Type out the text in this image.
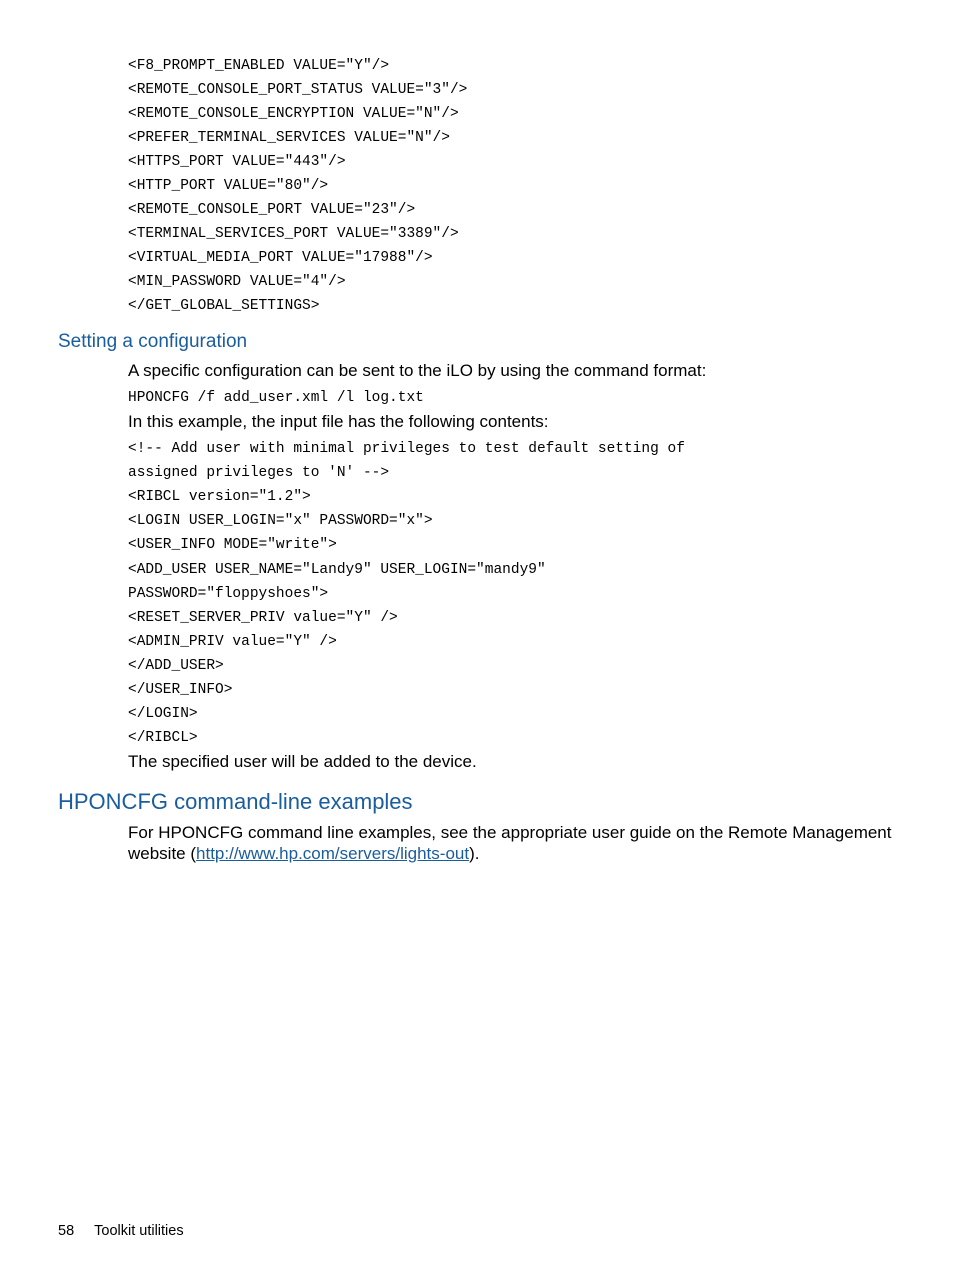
<F8_PROMPT_ENABLED VALUE="Y"/>
<REMOTE_CONSOLE_PORT_STATUS VALUE="3"/>
<REMOTE_CONSOLE_ENCRYPTION VALUE="N"/>
<PREFER_TERMINAL_SERVICES VALUE="N"/>
<HTTPS_PORT VALUE="443"/>
<HTTP_PORT VALUE="80"/>
<REMOTE_CONSOLE_PORT VALUE="23"/>
<TERMINAL_SERVICES_PORT VALUE="3389"/>
<VIRTUAL_MEDIA_PORT VALUE="17988"/>
<MIN_PASSWORD VALUE="4"/>
</GET_GLOBAL_SETTINGS>
Setting a configuration
A specific configuration can be sent to the iLO by using the command format:
HPONCFG /f add_user.xml /l log.txt
In this example, the input file has the following contents:
<!-- Add user with minimal privileges to test default setting of
assigned privileges to 'N' -->
<RIBCL version="1.2">
<LOGIN USER_LOGIN="x" PASSWORD="x">
<USER_INFO MODE="write">
<ADD_USER USER_NAME="Landy9" USER_LOGIN="mandy9"
PASSWORD="floppyshoes">
<RESET_SERVER_PRIV value="Y" />
<ADMIN_PRIV value="Y" />
</ADD_USER>
</USER_INFO>
</LOGIN>
</RIBCL>
The specified user will be added to the device.
HPONCFG command-line examples
For HPONCFG command line examples, see the appropriate user guide on the Remote Management
website (http://www.hp.com/servers/lights-out).
58 Toolkit utilities
